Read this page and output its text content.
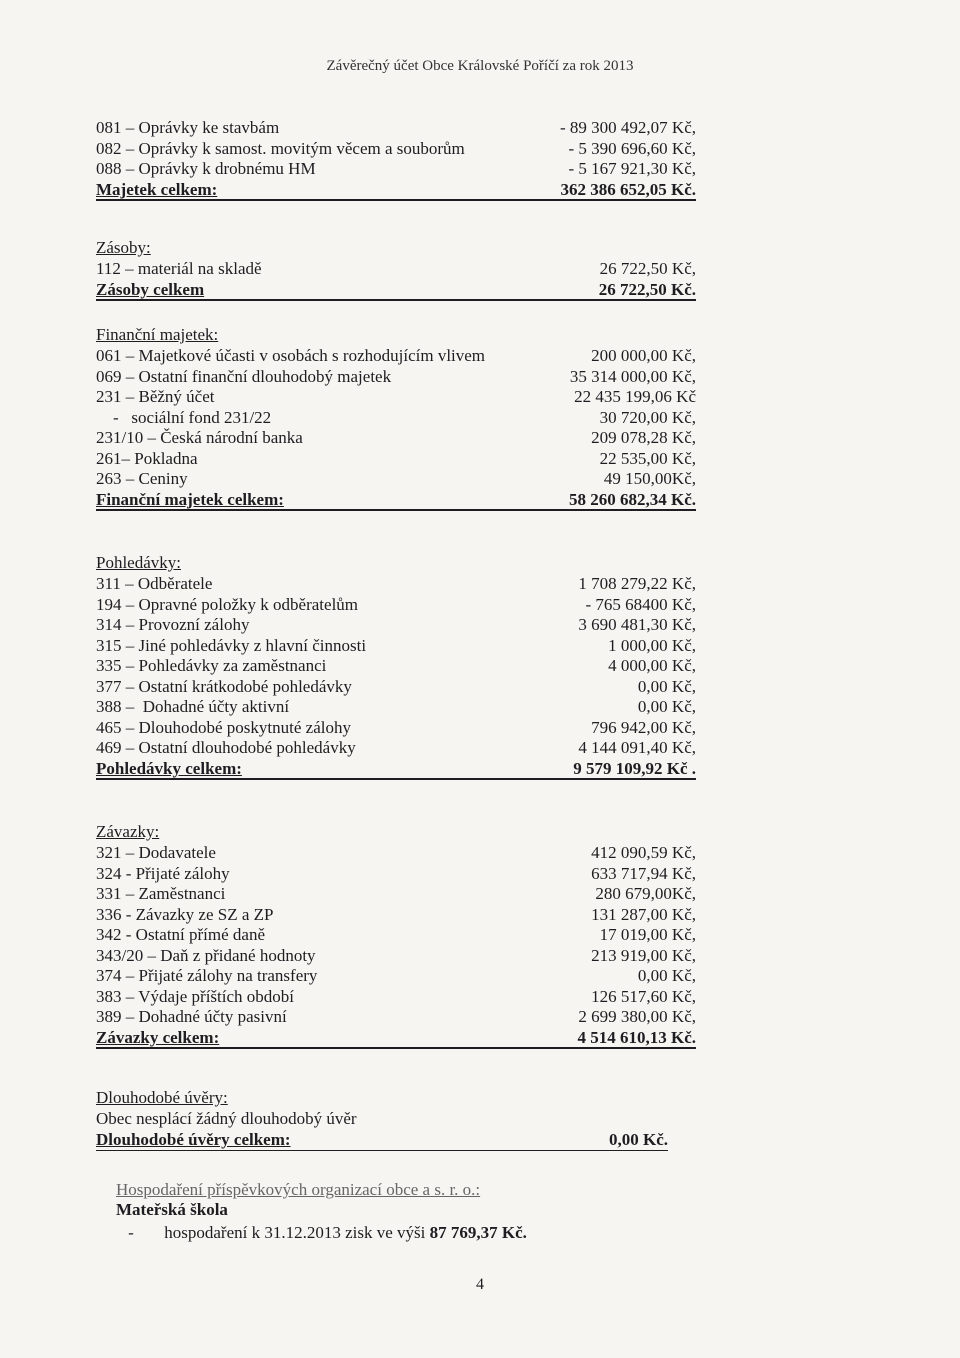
Závěrečný účet Obce Královské Poříčí za rok 2013
081 – Oprávky ke stavbám	- 89 300 492,07 Kč,
082 – Oprávky k samost. movitým věcem a souborům	- 5 390 696,60 Kč,
088 – Oprávky k drobnému HM	- 5 167 921,30 Kč,
Majetek celkem:	362 386 652,05 Kč.
Zásoby:
112 – materiál na skladě	26 722,50 Kč,
Zásoby celkem	26 722,50 Kč.
Finanční majetek:
061 – Majetkové účasti v osobách s rozhodujícím vlivem	200 000,00 Kč,
069 – Ostatní finanční dlouhodobý majetek	35 314 000,00 Kč,
231 – Běžný účet	22 435 199,06 Kč
-   sociální fond 231/22	30 720,00 Kč,
231/10 – Česká národní banka	209 078,28 Kč,
261– Pokladna	22 535,00 Kč,
263 – Ceniny	49 150,00Kč,
Finanční majetek celkem:	58 260 682,34 Kč.
Pohledávky:
311 – Odběratele	1 708 279,22 Kč,
194 – Opravné položky k odběratelům	- 765 68400 Kč,
314 – Provozní zálohy	3 690 481,30 Kč,
315 – Jiné pohledávky z hlavní činnosti	1 000,00 Kč,
335 – Pohledávky za zaměstnanci	4 000,00 Kč,
377 – Ostatní krátkodobé pohledávky	0,00 Kč,
388 –  Dohadné účty aktivní	0,00 Kč,
465 – Dlouhodobé poskytnuté zálohy	796 942,00 Kč,
469 – Ostatní dlouhodobé pohledávky	4 144 091,40 Kč,
Pohledávky celkem:	9 579 109,92 Kč .
Závazky:
321 – Dodavatele	412 090,59 Kč,
324 - Přijaté zálohy	633 717,94 Kč,
331 – Zaměstnanci	280 679,00Kč,
336 - Závazky ze SZ a ZP	131 287,00 Kč,
342 - Ostatní přímé daně	17 019,00 Kč,
343/20 – Daň z přidané hodnoty	213 919,00 Kč,
374 – Přijaté zálohy na transfery	0,00 Kč,
383 – Výdaje příštích období	126 517,60 Kč,
389 – Dohadné účty pasivní	2 699 380,00 Kč,
Závazky celkem:	4 514 610,13 Kč.
Dlouhodobé úvěry:
Obec nesplácí žádný dlouhodobý úvěr
Dlouhodobé úvěry celkem:	0,00 Kč.
Hospodaření příspěvkových organizací obce a s. r. o.:
Mateřská škola
- hospodaření k 31.12.2013 zisk ve výši 87 769,37 Kč.
4
